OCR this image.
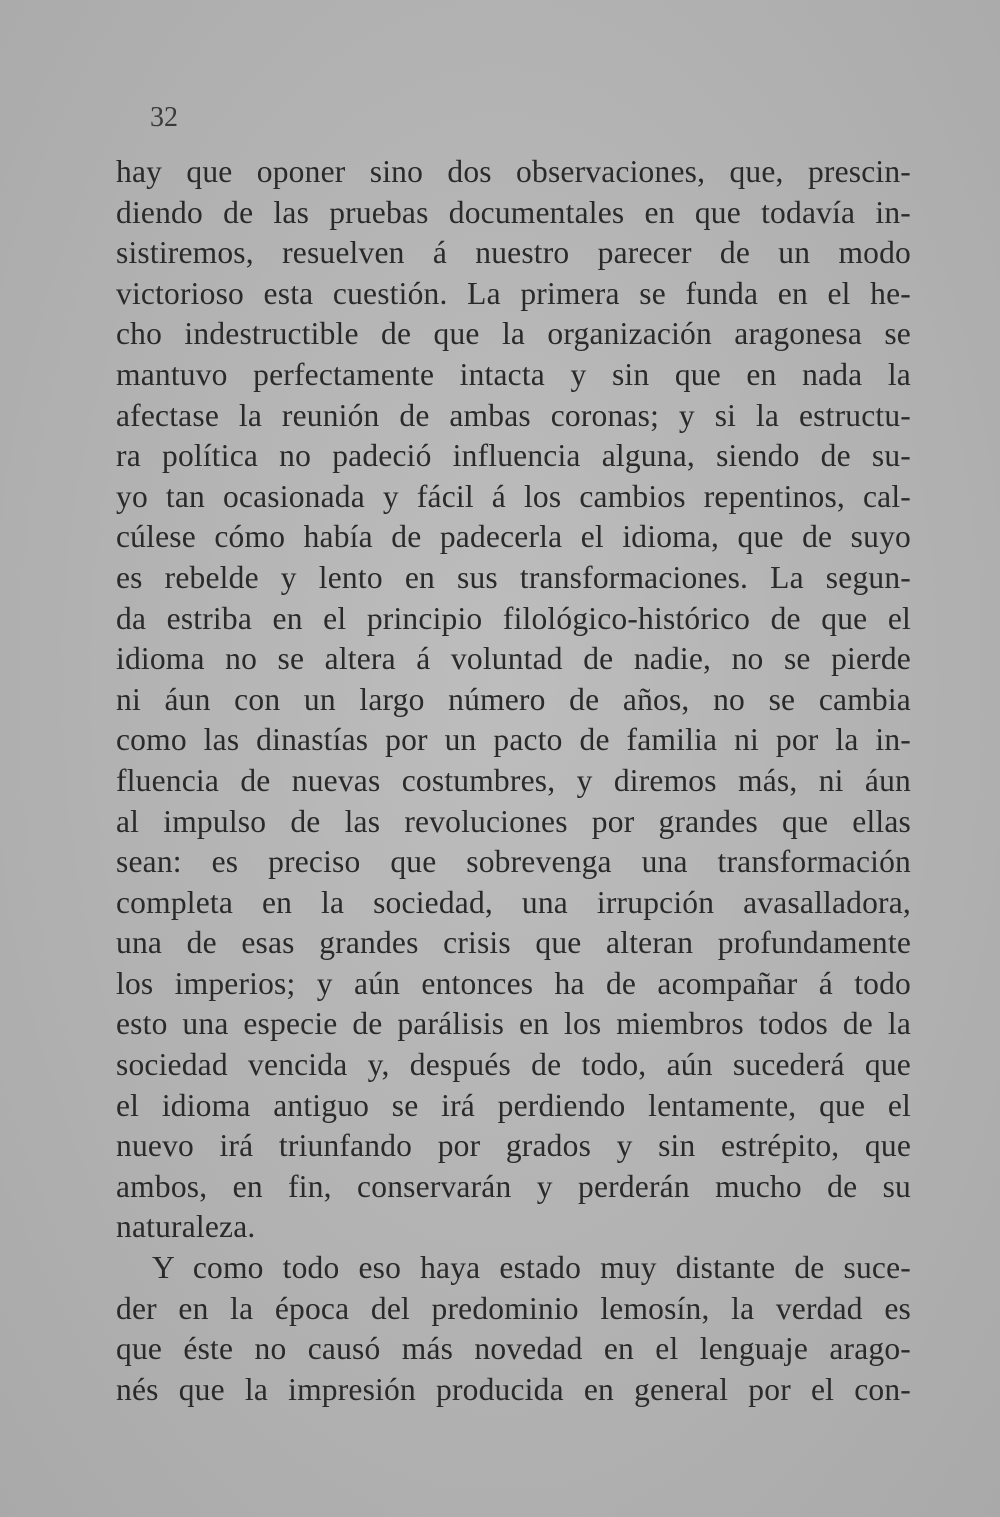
32
hay que oponer sino dos observaciones, que, prescin-
diendo de las pruebas documentales en que todavía in-
sistiremos, resuelven á nuestro parecer de un modo
victorioso esta cuestión. La primera se funda en el he-
cho indestructible de que la organización aragonesa se
mantuvo perfectamente intacta y sin que en nada la
afectase la reunión de ambas coronas; y si la estructu-
ra política no padeció influencia alguna, siendo de su-
yo tan ocasionada y fácil á los cambios repentinos, cal-
cúlese cómo había de padecerla el idioma, que de suyo
es rebelde y lento en sus transformaciones. La segun-
da estriba en el principio filológico-histórico de que el
idioma no se altera á voluntad de nadie, no se pierde
ni áun con un largo número de años, no se cambia
como las dinastías por un pacto de familia ni por la in-
fluencia de nuevas costumbres, y diremos más, ni áun
al impulso de las revoluciones por grandes que ellas
sean: es preciso que sobrevenga una transformación
completa en la sociedad, una irrupción avasalladora,
una de esas grandes crisis que alteran profundamente
los imperios; y aún entonces ha de acompañar á todo
esto una especie de parálisis en los miembros todos de la
sociedad vencida y, después de todo, aún sucederá que
el idioma antiguo se irá perdiendo lentamente, que el
nuevo irá triunfando por grados y sin estrépito, que
ambos, en fin, conservarán y perderán mucho de su
naturaleza.
Y como todo eso haya estado muy distante de suce-
der en la época del predominio lemosín, la verdad es
que éste no causó más novedad en el lenguaje arago-
nés que la impresión producida en general por el con-
